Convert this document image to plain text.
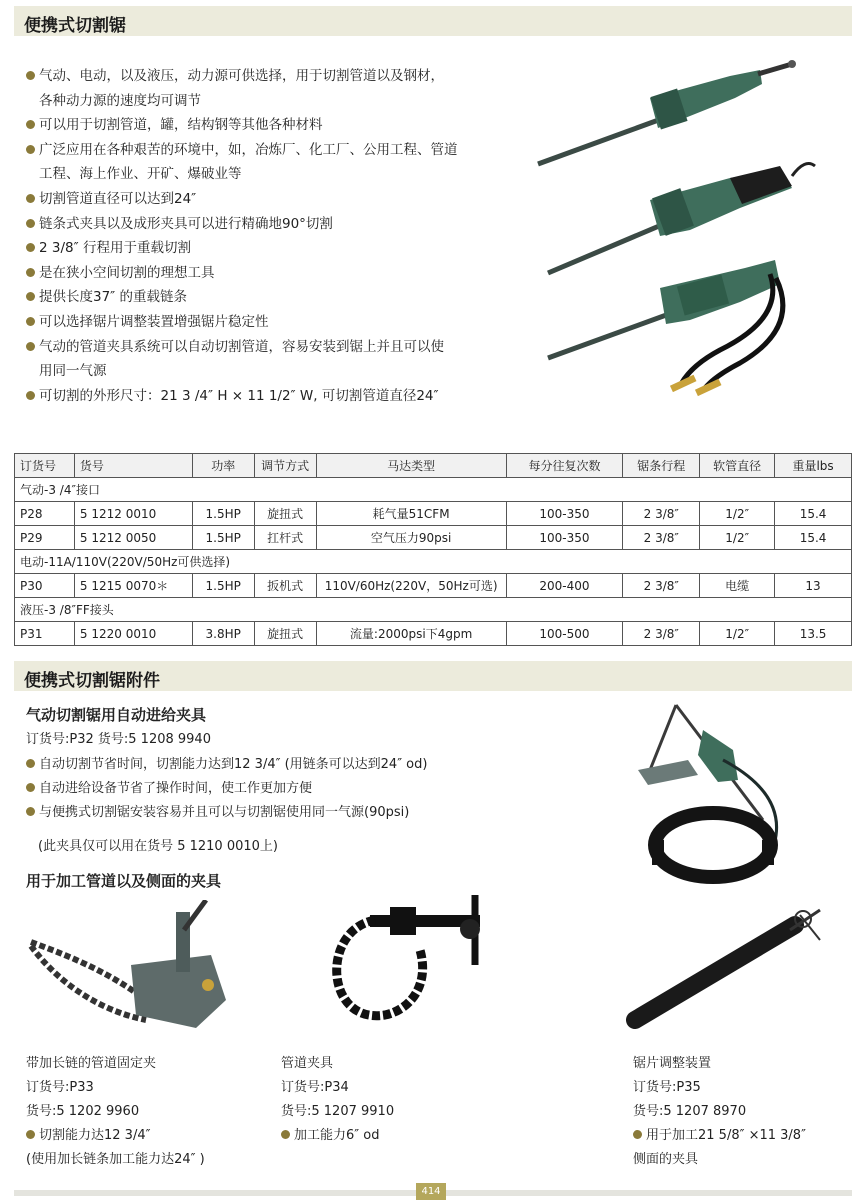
便携式切割锯
气动、电动，以及液压，动力源可供选择，用于切割管道以及钢材，
各种动力源的速度均可调节
可以用于切割管道，罐，结构钢等其他各种材料
广泛应用在各种艰苦的环境中，如，冶炼厂、化工厂、公用工程、管道
工程、海上作业、开矿、爆破业等
切割管道直径可以达到24″
链条式夹具以及成形夹具可以进行精确地90°切割
2 3/8″ 行程用于重载切割
是在狭小空间切割的理想工具
提供长度37″ 的重载链条
可以选择锯片调整装置增强锯片稳定性
气动的管道夹具系统可以自动切割管道，容易安装到锯上并且可以使
用同一气源
可切割的外形尺寸：21 3 /4″ H × 11 1/2″ W, 可切割管道直径24″
订货号	货号	功率	调节方式	马达类型	每分往复次数	锯条行程	软管直径	重量lbs
气动-3 /4″接口								
P28	5 1212 0010	1.5HP	旋扭式	耗气量51CFM	100-350	2 3/8″	1/2″	15.4
P29	5 1212 0050	1.5HP	扛杆式	空气压力90psi	100-350	2 3/8″	1/2″	15.4
电动-11A/110V(220V/50Hz可供选择)								
P30	5 1215 0070＊	1.5HP	扳机式	110V/60Hz(220V，50Hz可选)	200-400	2 3/8″	电缆	13
液压-3 /8″FF接头								
P31	5 1220 0010	3.8HP	旋扭式	流量:2000psi下4gpm	100-500	2 3/8″	1/2″	13.5
便携式切割锯附件
气动切割锯用自动进给夹具
订货号:P32 货号:5 1208 9940
自动切割节省时间，切割能力达到12 3/4″ (用链条可以达到24″ od)
自动进给设备节省了操作时间，使工作更加方便
与便携式切割锯安装容易并且可以与切割锯使用同一气源(90psi)
(此夹具仅可以用在货号 5 1210 0010上)
用于加工管道以及侧面的夹具
带加长链的管道固定夹
订货号:P33
货号:5 1202 9960
切割能力达12 3/4″
(使用加长链条加工能力达24″ )
管道夹具
订货号:P34
货号:5 1207 9910
加工能力6″ od
锯片调整装置
订货号:P35
货号:5 1207 8970
用于加工21 5/8″ ×11 3/8″
侧面的夹具
414
